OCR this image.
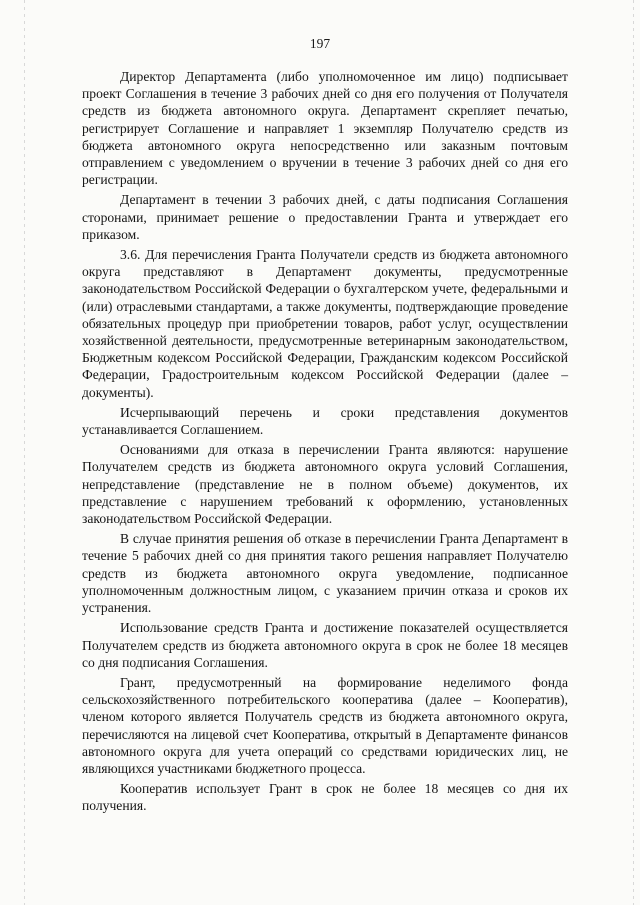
197

Директор Департамента (либо уполномоченное им лицо) подписывает проект Соглашения в течение 3 рабочих дней со дня его получения от Получателя средств из бюджета автономного округа. Департамент скрепляет печатью, регистрирует Соглашение и направляет 1 экземпляр Получателю средств из бюджета автономного округа непосредственно или заказным почтовым отправлением с уведомлением о вручении в течение 3 рабочих дней со дня его регистрации.

Департамент в течении 3 рабочих дней, с даты подписания Соглашения сторонами, принимает решение о предоставлении Гранта и утверждает его приказом.

3.6. Для перечисления Гранта Получатели средств из бюджета автономного округа представляют в Департамент документы, предусмотренные законодательством Российской Федерации о бухгалтерском учете, федеральными и (или) отраслевыми стандартами, а также документы, подтверждающие проведение обязательных процедур при приобретении товаров, работ услуг, осуществлении хозяйственной деятельности, предусмотренные ветеринарным законодательством, Бюджетным кодексом Российской Федерации, Гражданским кодексом Российской Федерации, Градостроительным кодексом Российской Федерации (далее – документы).

Исчерпывающий перечень и сроки представления документов устанавливается Соглашением.

Основаниями для отказа в перечислении Гранта являются: нарушение Получателем средств из бюджета автономного округа условий Соглашения, непредставление (представление не в полном объеме) документов, их представление с нарушением требований к оформлению, установленных законодательством Российской Федерации.

В случае принятия решения об отказе в перечислении Гранта Департамент в течение 5 рабочих дней со дня принятия такого решения направляет Получателю средств из бюджета автономного округа уведомление, подписанное уполномоченным должностным лицом, с указанием причин отказа и сроков их устранения.

Использование средств Гранта и достижение показателей осуществляется Получателем средств из бюджета автономного округа в срок не более 18 месяцев со дня подписания Соглашения.

Грант, предусмотренный на формирование неделимого фонда сельскохозяйственного потребительского кооператива (далее – Кооператив), членом которого является Получатель средств из бюджета автономного округа, перечисляются на лицевой счет Кооператива, открытый в Департаменте финансов автономного округа для учета операций со средствами юридических лиц, не являющихся участниками бюджетного процесса.

Кооператив использует Грант в срок не более 18 месяцев со дня их получения.
